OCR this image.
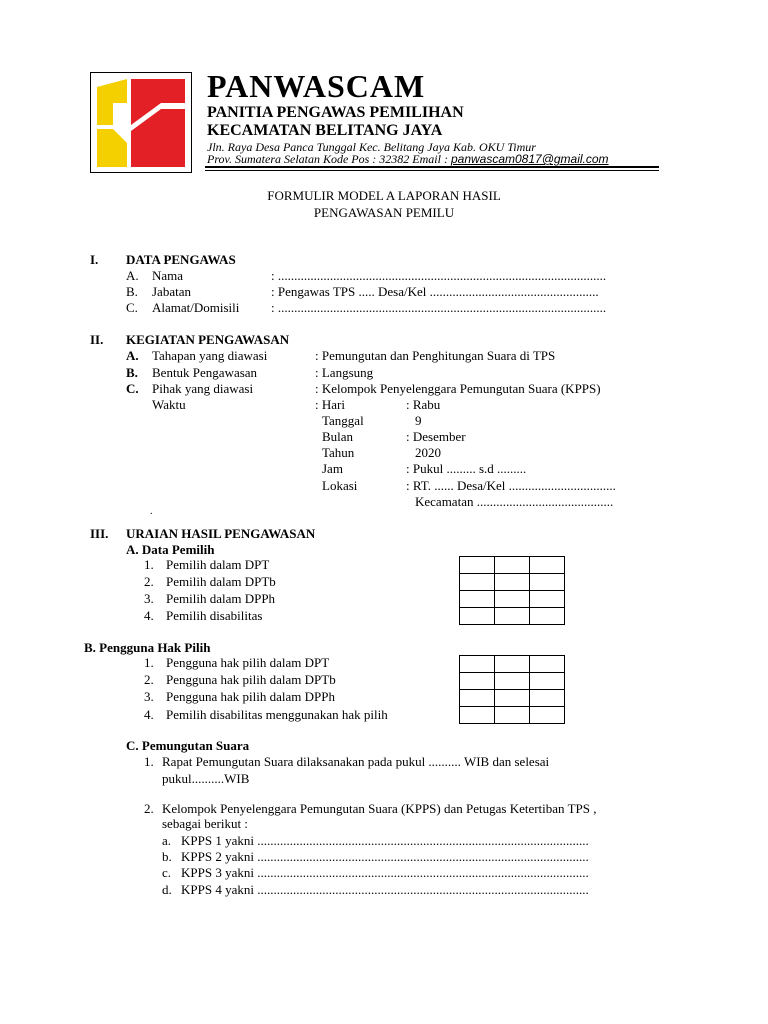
PANWASCAM
PANITIA PENGAWAS PEMILIHAN
KECAMATAN BELITANG JAYA
Jln. Raya Desa Panca Tunggal Kec. Belitang Jaya Kab. OKU Timur
Prov. Sumatera Selatan Kode Pos : 32382 Email : panwascam0817@gmail.com
FORMULIR MODEL A LAPORAN HASIL
PENGAWASAN PEMILU
I. DATA PENGAWAS
A. Nama	: .....................................................................................................
B. Jabatan	: Pengawas TPS ..... Desa/Kel ....................................................
C. Alamat/Domisili : .....................................................................................................
II. KEGIATAN PENGAWASAN
A. Tahapan yang diawasi	: Pemungutan dan Penghitungan Suara di TPS
B. Bentuk Pengawasan	: Langsung
C. Pihak yang diawasi	: Kelompok Penyelenggara Pemungutan Suara (KPPS)
Waktu	: Hari	: Rabu
Tanggal	9
Bulan	: Desember
Tahun	2020
Jam	: Pukul ......... s.d .........
Lokasi	: RT. ...... Desa/Kel .................................
Kecamatan ..........................................
.
III. URAIAN HASIL PENGAWASAN
A. Data Pemilih
1. Pemilih dalam DPT
2. Pemilih dalam DPTb
3. Pemilih dalam DPPh
4. Pemilih disabilitas

B. Pengguna Hak Pilih
1. Pengguna hak pilih dalam DPT
2. Pengguna hak pilih dalam DPTb
3. Pengguna hak pilih dalam DPPh
4. Pemilih disabilitas menggunakan hak pilih

C. Pemungutan Suara
1. Rapat Pemungutan Suara dilaksanakan pada pukul .......... WIB dan selesai
pukul..........WIB
2. Kelompok Penyelenggara Pemungutan Suara (KPPS) dan Petugas Ketertiban TPS ,
sebagai berikut :
a. KPPS 1 yakni ......................................................................................................
b. KPPS 2 yakni ......................................................................................................
c. KPPS 3 yakni ......................................................................................................
d. KPPS 4 yakni ......................................................................................................
